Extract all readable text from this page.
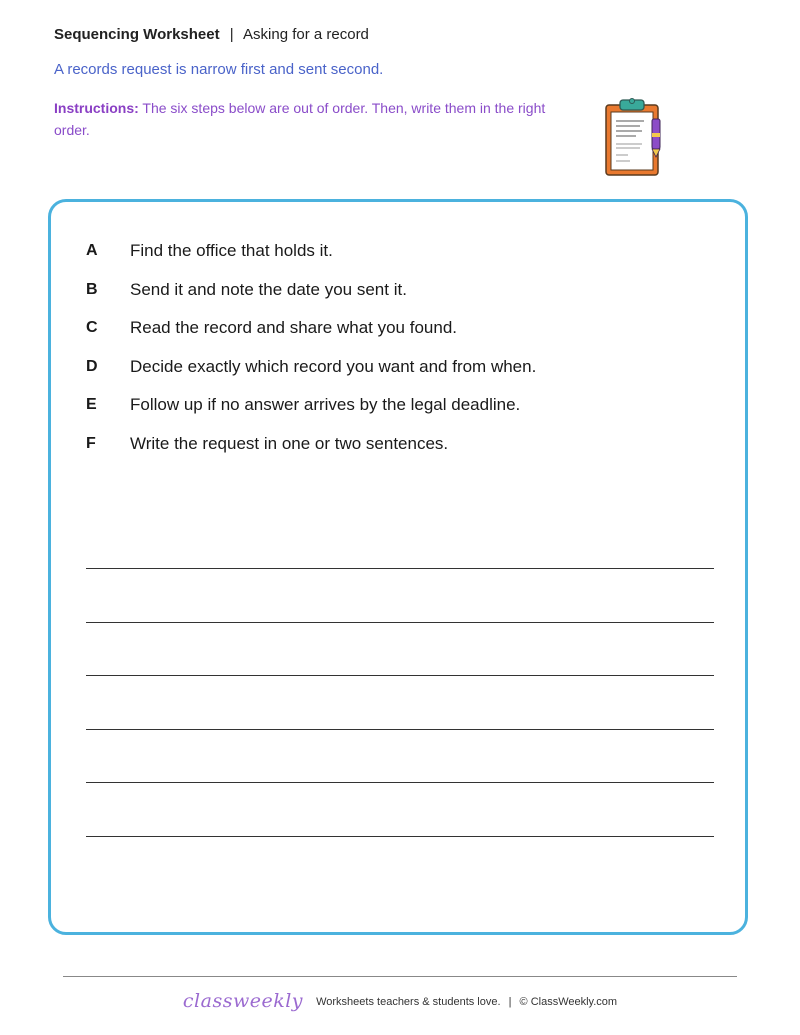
Sequencing Worksheet | Asking for a record
A records request is narrow first and sent second.
Instructions: The six steps below are out of order. Then, write them in the right order.
A	Find the office that holds it.
B	Send it and note the date you sent it.
C	Read the record and share what you found.
D	Decide exactly which record you want and from when.
E	Follow up if no answer arrives by the legal deadline.
F	Write the request in one or two sentences.
classweekly Worksheets teachers & students love. | © ClassWeekly.com
